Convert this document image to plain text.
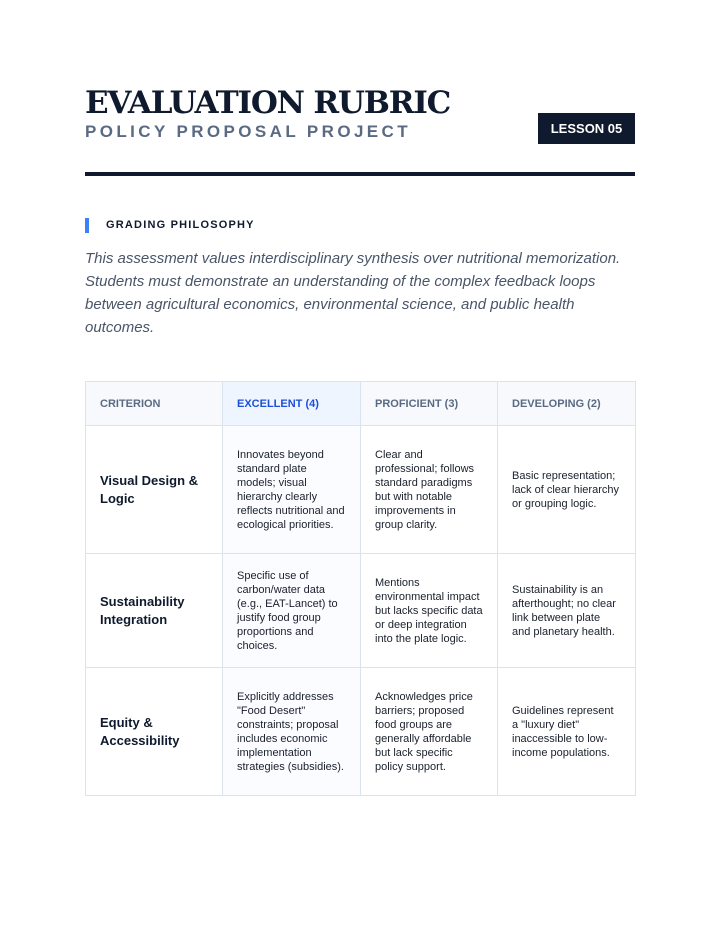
EVALUATION RUBRIC
POLICY PROPOSAL PROJECT	LESSON 05
GRADING PHILOSOPHY

This assessment values interdisciplinary synthesis over nutritional memorization. Students must demonstrate an understanding of the complex feedback loops between agricultural economics, environmental science, and public health outcomes.

CRITERION	EXCELLENT (4)	PROFICIENT (3)	DEVELOPING (2)
Visual Design & Logic	Innovates beyond standard plate models; visual hierarchy clearly reflects nutritional and ecological priorities.	Clear and professional; follows standard paradigms but with notable improvements in group clarity.	Basic representation; lack of clear hierarchy or grouping logic.
Sustainability Integration	Specific use of carbon/water data (e.g., EAT-Lancet) to justify food group proportions and choices.	Mentions environmental impact but lacks specific data or deep integration into the plate logic.	Sustainability is an afterthought; no clear link between plate and planetary health.
Equity & Accessibility	Explicitly addresses "Food Desert" constraints; proposal includes economic implementation strategies (subsidies).	Acknowledges price barriers; proposed food groups are generally affordable but lack specific policy support.	Guidelines represent a "luxury diet" inaccessible to low-income populations.
